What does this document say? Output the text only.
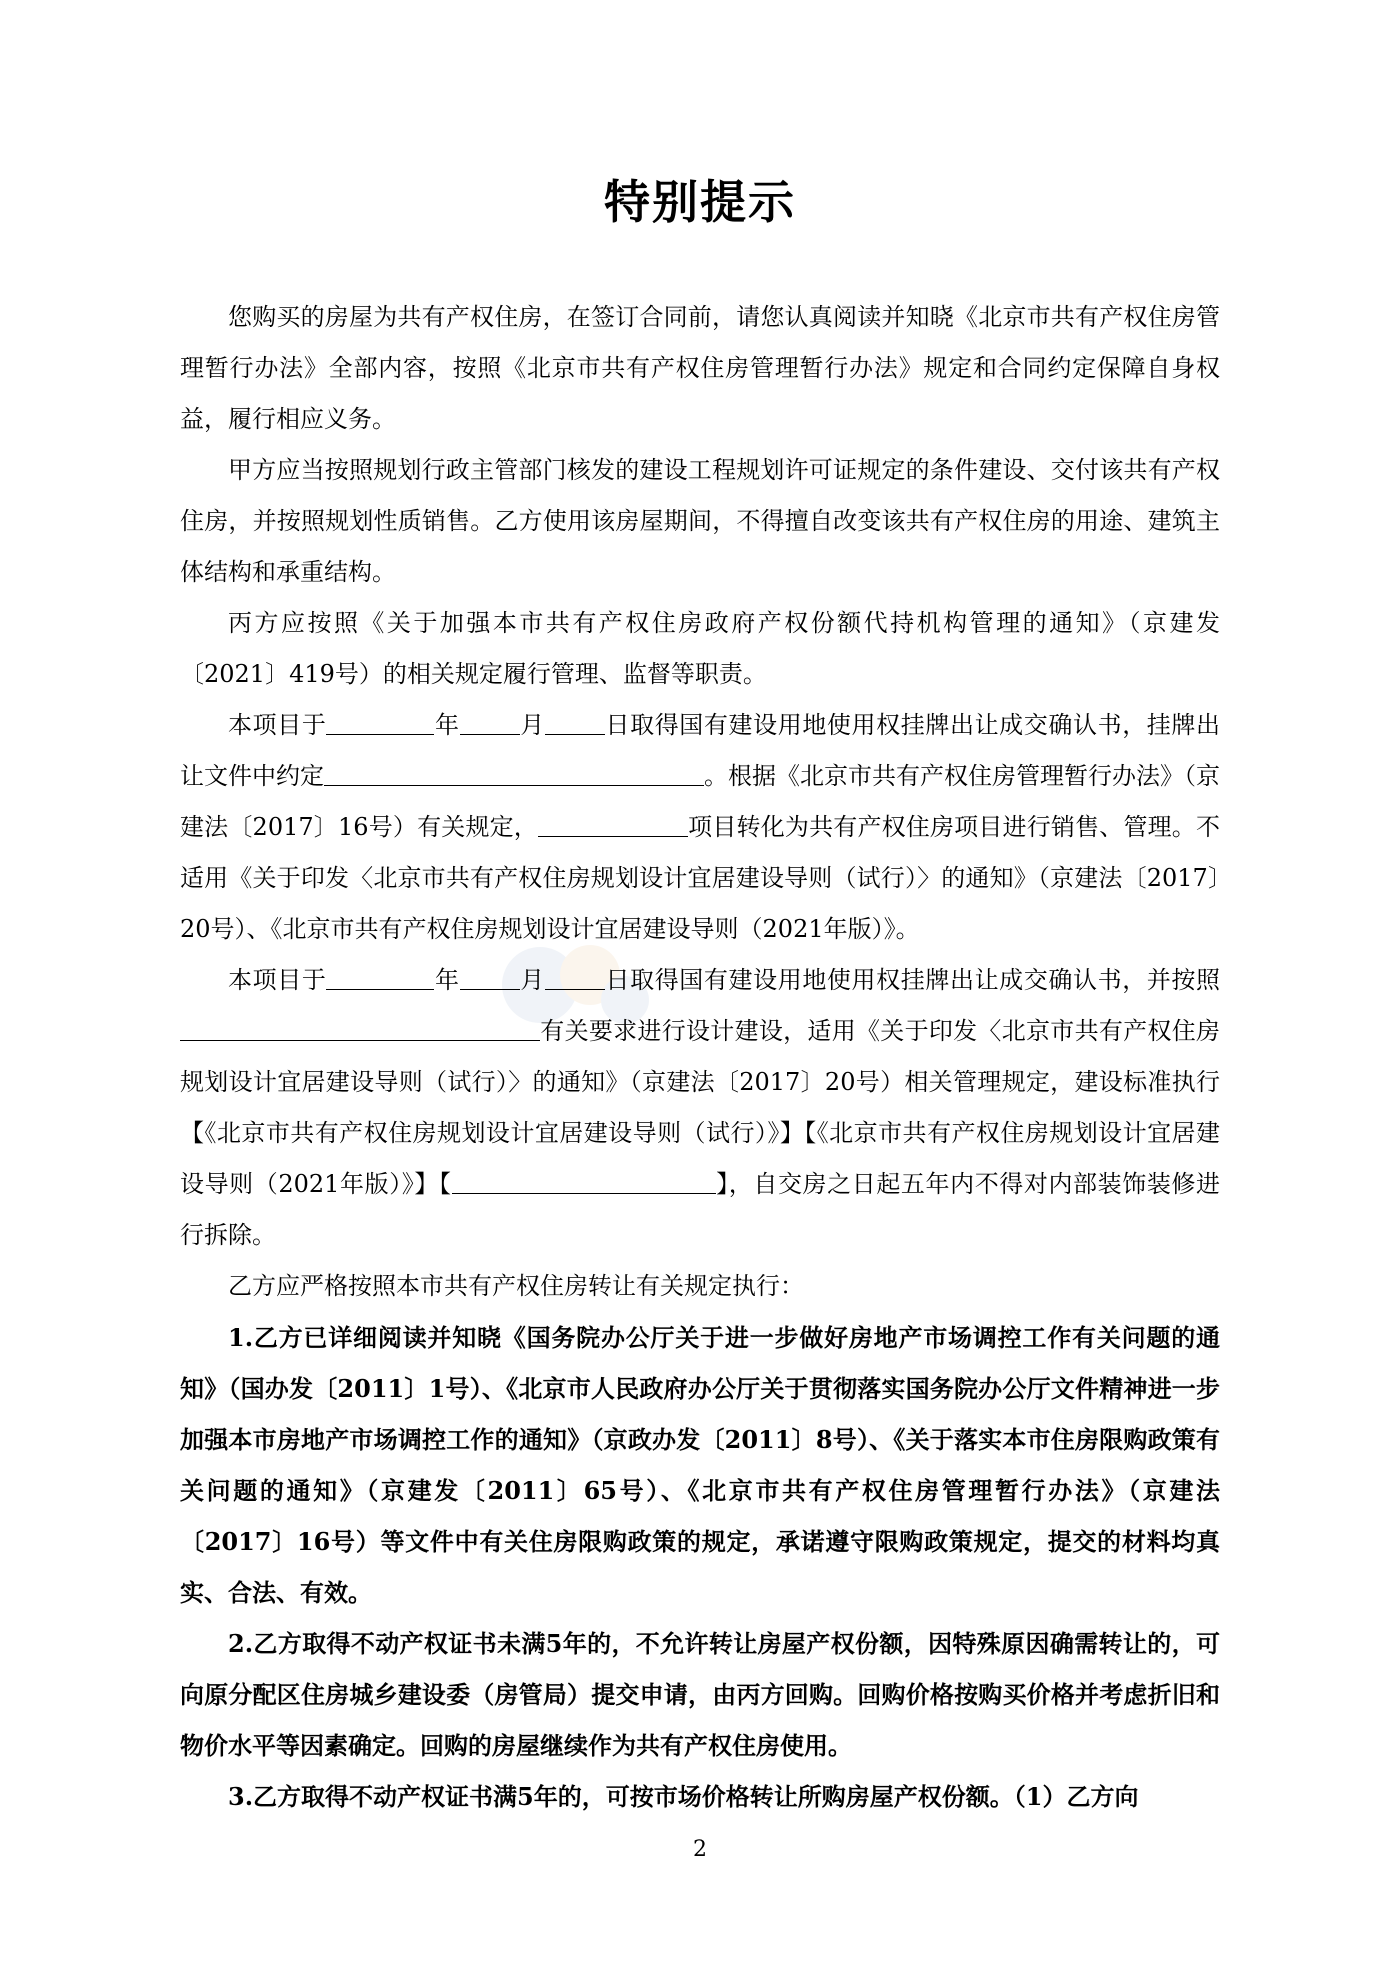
特别提示

您购买的房屋为共有产权住房，在签订合同前，请您认真阅读并知晓《北京市共有产权住房管理暂行办法》全部内容，按照《北京市共有产权住房管理暂行办法》规定和合同约定保障自身权益，履行相应义务。

甲方应当按照规划行政主管部门核发的建设工程规划许可证规定的条件建设、交付该共有产权住房，并按照规划性质销售。乙方使用该房屋期间，不得擅自改变该共有产权住房的用途、建筑主体结构和承重结构。

丙方应按照《关于加强本市共有产权住房政府产权份额代持机构管理的通知》（京建发〔2021〕419号）的相关规定履行管理、监督等职责。

本项目于	年	月	日取得国有建设用地使用权挂牌出让成交确认书，挂牌出让文件中约定	。根据《北京市共有产权住房管理暂行办法》（京建法〔2017〕16号）有关规定，	项目转化为共有产权住房项目进行销售、管理。不适用《关于印发〈北京市共有产权住房规划设计宜居建设导则（试行）〉的通知》（京建法〔2017〕20号）、《北京市共有产权住房规划设计宜居建设导则（2021年版）》。

本项目于	年	月	日取得国有建设用地使用权挂牌出让成交确认书，并按照有关要求进行设计建设，适用《关于印发〈北京市共有产权住房规划设计宜居建设导则（试行）〉的通知》（京建法〔2017〕20号）相关管理规定，建设标准执行【《北京市共有产权住房规划设计宜居建设导则（试行）》】【《北京市共有产权住房规划设计宜居建设导则（2021年版）》】【	】，自交房之日起五年内不得对内部装饰装修进行拆除。

乙方应严格按照本市共有产权住房转让有关规定执行：

1.乙方已详细阅读并知晓《国务院办公厅关于进一步做好房地产市场调控工作有关问题的通知》（国办发〔2011〕1号）、《北京市人民政府办公厅关于贯彻落实国务院办公厅文件精神进一步加强本市房地产市场调控工作的通知》（京政办发〔2011〕8号）、《关于落实本市住房限购政策有关问题的通知》（京建发〔2011〕65号）、《北京市共有产权住房管理暂行办法》（京建法〔2017〕16号）等文件中有关住房限购政策的规定，承诺遵守限购政策规定，提交的材料均真实、合法、有效。

2.乙方取得不动产权证书未满5年的，不允许转让房屋产权份额，因特殊原因确需转让的，可向原分配区住房城乡建设委（房管局）提交申请，由丙方回购。回购价格按购买价格并考虑折旧和物价水平等因素确定。回购的房屋继续作为共有产权住房使用。

3.乙方取得不动产权证书满5年的，可按市场价格转让所购房屋产权份额。（1）乙方向

2
